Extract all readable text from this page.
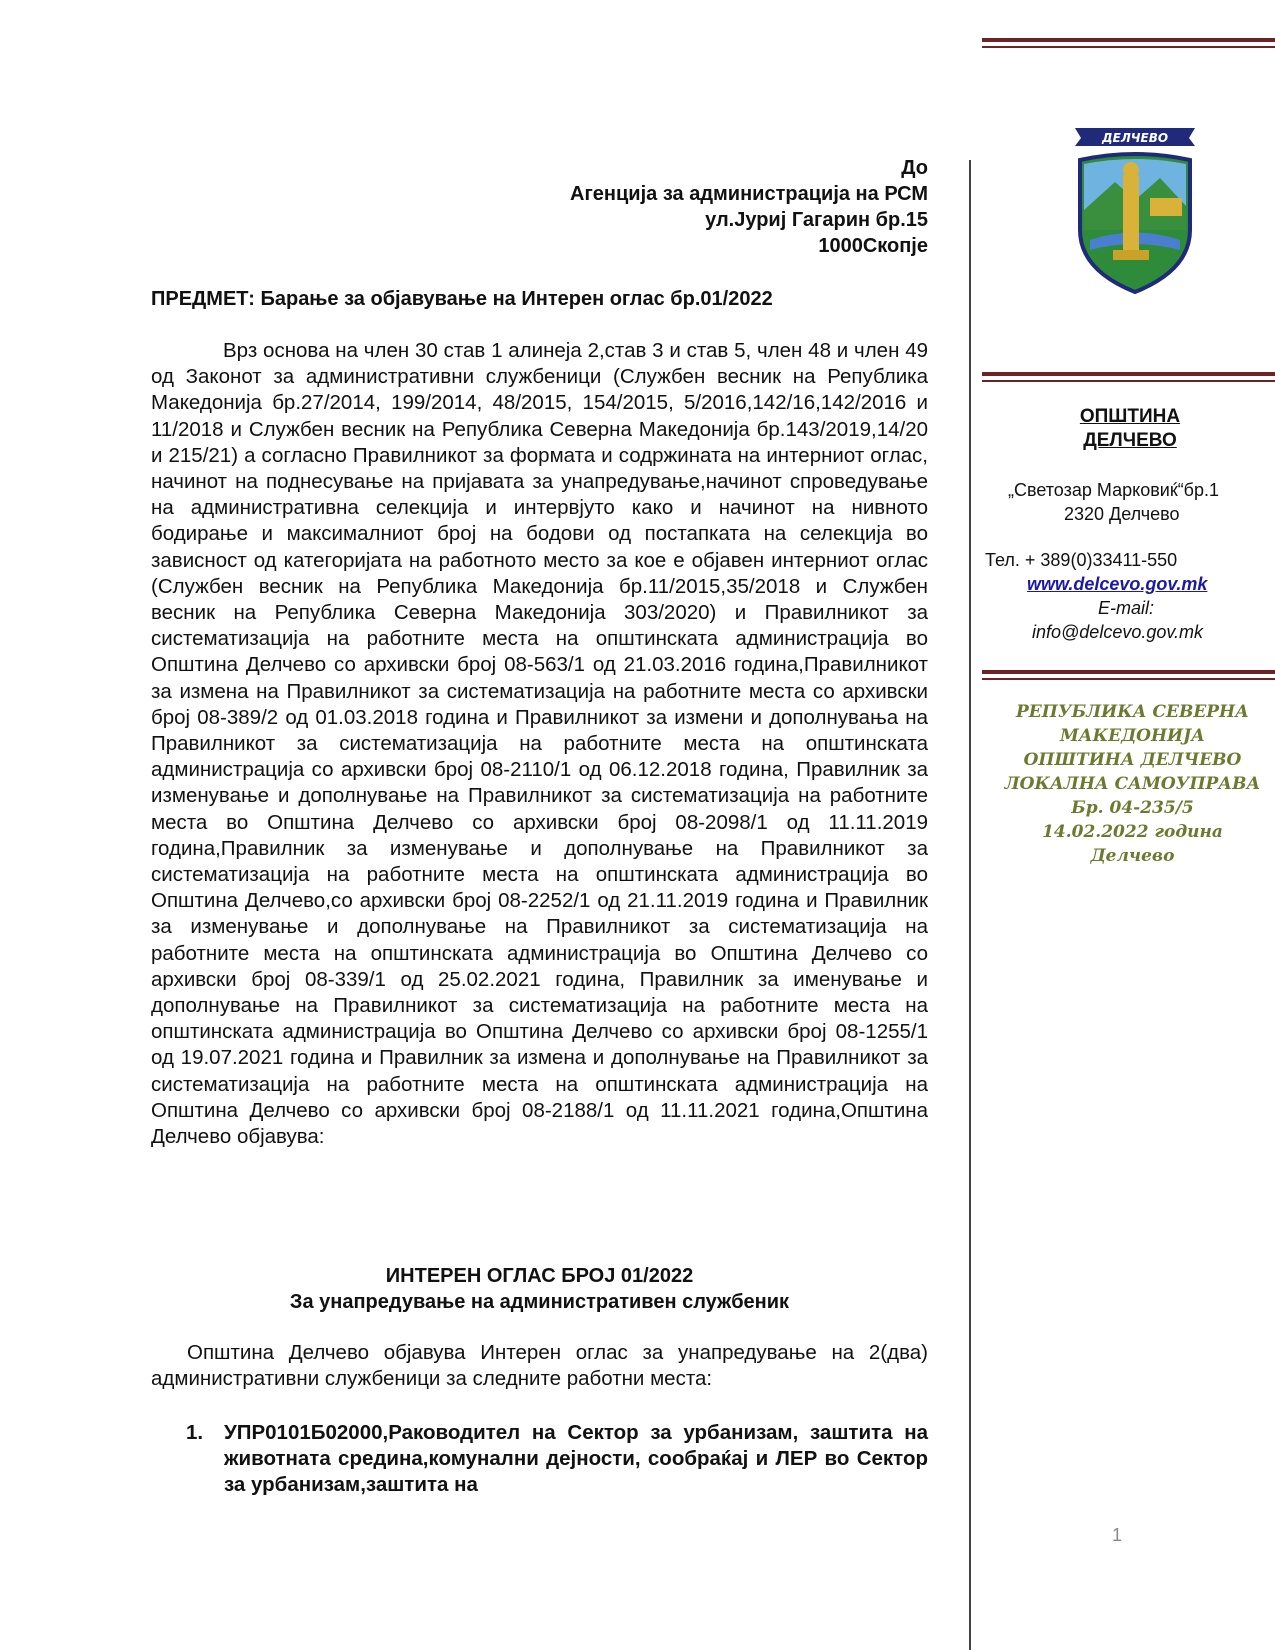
ДЕЛЧЕВО
До
Агенција за администрација на РСМ
ул.Јуриј Гагарин бр.15
1000Скопје
ПРЕДМЕТ: Барање за објавување на Интерен оглас бр.01/2022
Врз основа на член 30 став 1 алинеја 2,став 3 и став 5, член 48 и член 49 од Законот за административни службеници (Службен весник на Република Македонија бр.27/2014, 199/2014, 48/2015, 154/2015, 5/2016,142/16,142/2016 и 11/2018 и Службен весник на Република Северна Македонија бр.143/2019,14/20 и 215/21) а согласно Правилникот за формата и содржината на интерниот оглас, начинот на поднесување на пријавата за унапредување,начинот спроведување на административна селекција и интервјуто како и начинот на нивното бодирање и максималниот број на бодови од постапката на селекција во зависност од категоријата на работното место за кое е објавен интерниот оглас (Службен весник на Република Македонија бр.11/2015,35/2018 и Службен весник на Република Северна Македонија 303/2020) и Правилникот за систематизација на работните места на општинската администрација во Општина Делчево со архивски број 08-563/1 од 21.03.2016 година,Правилникот за измена на Правилникот за систематизација на работните места со архивски број 08-389/2 од 01.03.2018 година и Правилникот за измени и дополнувања на Правилникот за систематизација на работните места на општинската администрација со архивски број 08-2110/1 од 06.12.2018 година, Правилник за изменување и дополнување на Правилникот за систематизација на работните места во Општина Делчево со архивски број 08-2098/1 од 11.11.2019 година,Правилник за изменување и дополнување на Правилникот за систематизација на работните места на општинската администрација во Општина Делчево,со архивски број 08-2252/1 од 21.11.2019 година и Правилник за изменување и дополнување на Правилникот за систематизација на работните места на општинската администрација во Општина Делчево со архивски број 08-339/1 од 25.02.2021 година, Правилник за именување и дополнување на Правилникот за систематизација на работните места на општинската администрација во Општина Делчево со архивски број 08-1255/1 од 19.07.2021 година и Правилник за измена и дополнување на Правилникот за систематизација на работните места на општинската администрација на Општина Делчево со архивски број 08-2188/1 од 11.11.2021 година,Општина Делчево објавува:
ИНТЕРЕН ОГЛАС БРОЈ 01/2022
За унапредување на административен службеник
Општина Делчево објавува Интерен оглас за унапредување на 2(два) административни службеници за следните работни места:
1. УПР0101Б02000,Раководител на Сектор за урбанизам, заштита на животната средина,комунални дејности, сообраќај и ЛЕР во Сектор за урбанизам,заштита на
ОПШТИНА
ДЕЛЧЕВО
„Светозар Марковиќ“бр.1
2320 Делчево
Тел. + 389(0)33411-550
www.delcevo.gov.mk
E-mail:
info@delcevo.gov.mk
РЕПУБЛИКА СЕВЕРНА
МАКЕДОНИЈА
ОПШТИНА ДЕЛЧЕВО
ЛОКАЛНА САМОУПРАВА
Бр. 04-235/5
14.02.2022 година
Делчево
1
